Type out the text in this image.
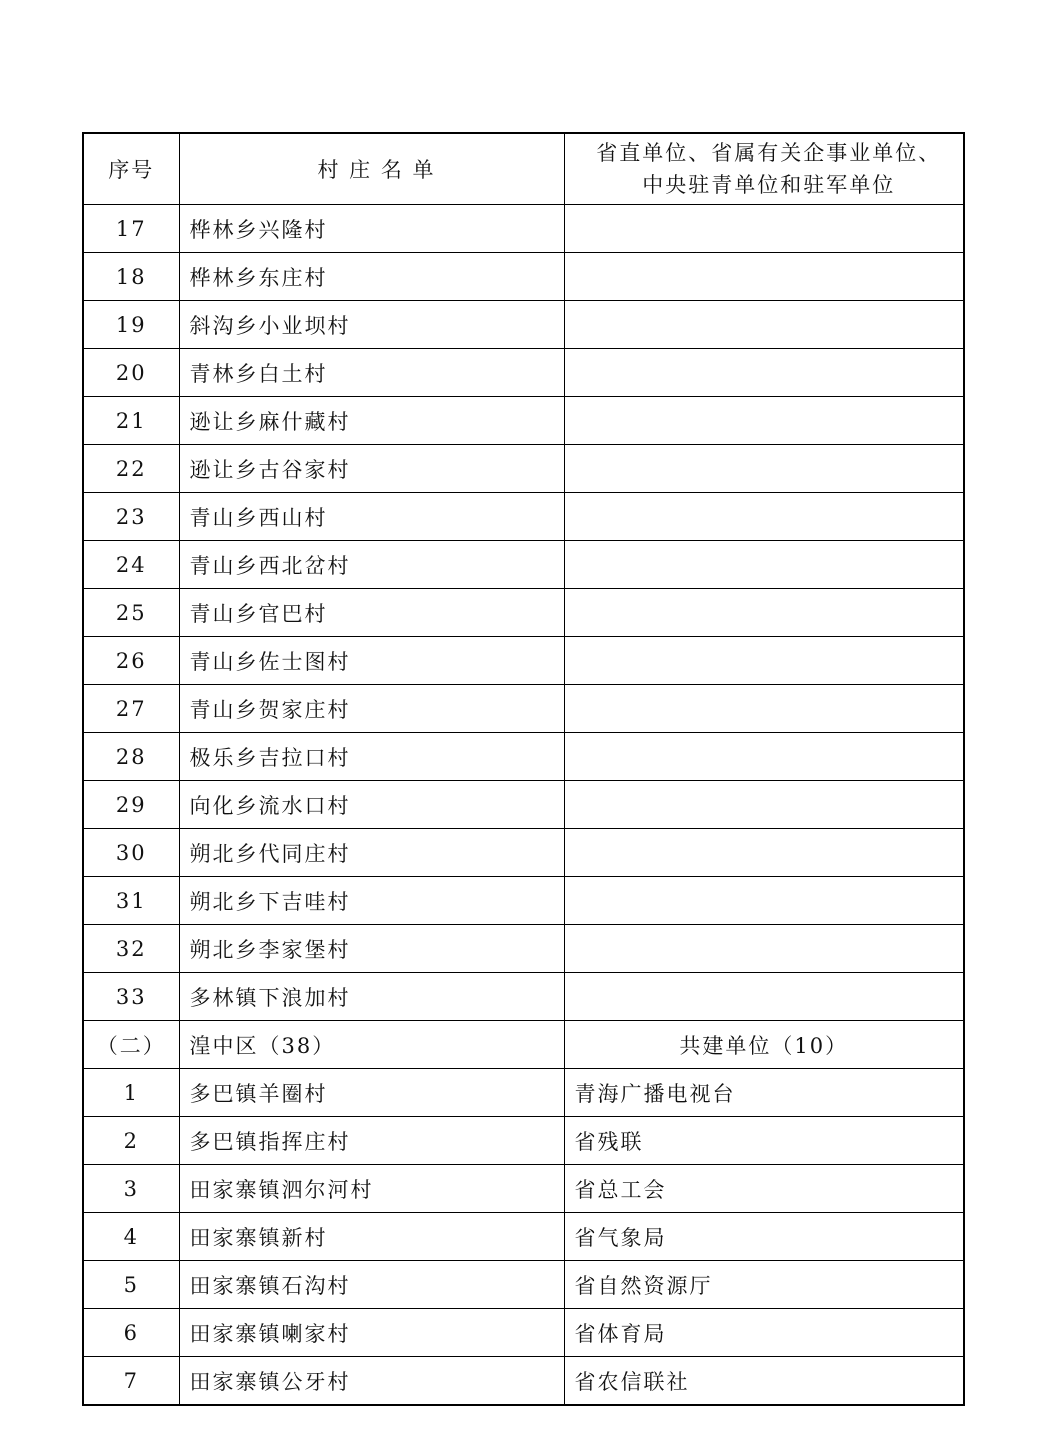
序号	村 庄 名 单	省直单位、省属有关企事业单位、
中央驻青单位和驻军单位

17	桦林乡兴隆村	
18	桦林乡东庄村	
19	斜沟乡小业坝村	
20	青林乡白土村	
21	逊让乡麻什藏村	
22	逊让乡古谷家村	
23	青山乡西山村	
24	青山乡西北岔村	
25	青山乡官巴村	
26	青山乡佐士图村	
27	青山乡贺家庄村	
28	极乐乡吉拉口村	
29	向化乡流水口村	
30	朔北乡代同庄村	
31	朔北乡下吉哇村	
32	朔北乡李家堡村	
33	多林镇下浪加村	
（二）	湟中区（38）	共建单位（10）
1	多巴镇羊圈村	青海广播电视台
2	多巴镇指挥庄村	省残联
3	田家寨镇泗尔河村	省总工会
4	田家寨镇新村	省气象局
5	田家寨镇石沟村	省自然资源厅
6	田家寨镇喇家村	省体育局
7	田家寨镇公牙村	省农信联社
